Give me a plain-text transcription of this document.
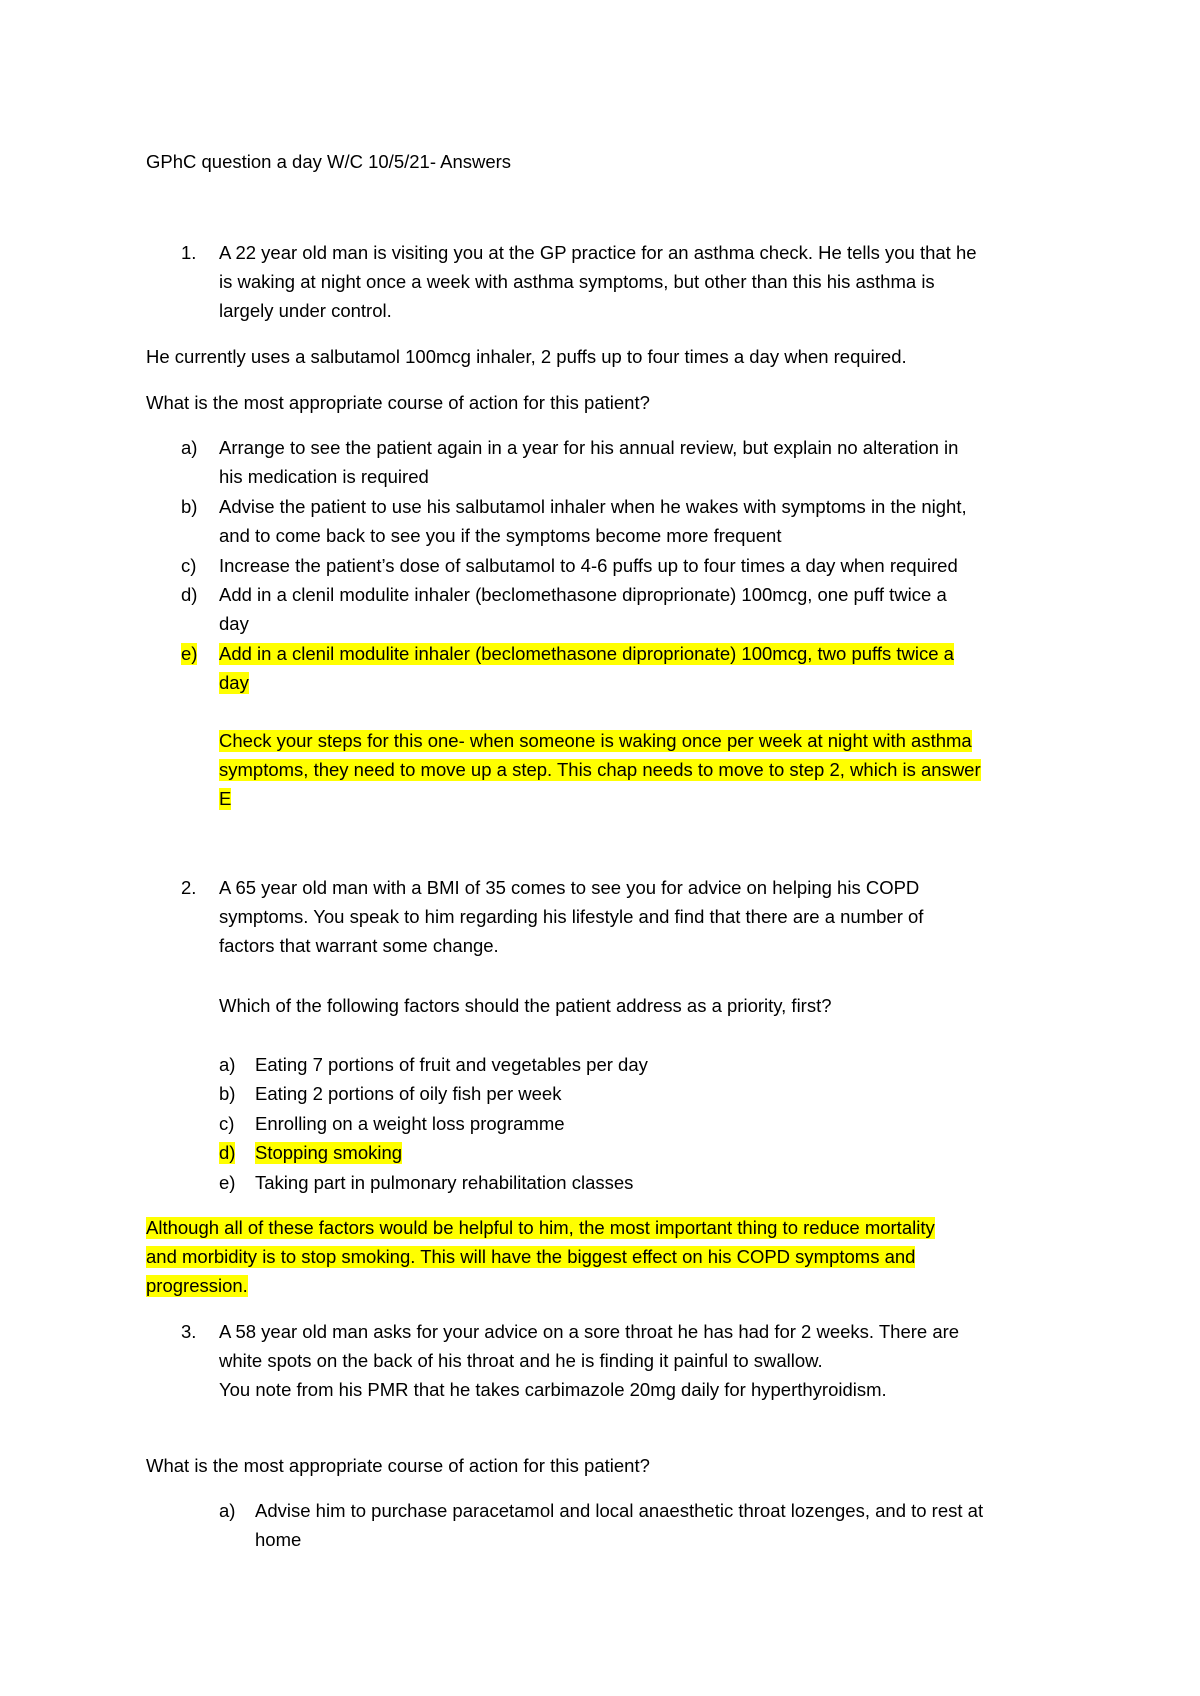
GPhC question a day W/C 10/5/21- Answers
1. A 22 year old man is visiting you at the GP practice for an asthma check. He tells you that he
is waking at night once a week with asthma symptoms, but other than this his asthma is
largely under control.
He currently uses a salbutamol 100mcg inhaler, 2 puffs up to four times a day when required.
What is the most appropriate course of action for this patient?
a) Arrange to see the patient again in a year for his annual review, but explain no alteration in
his medication is required
b) Advise the patient to use his salbutamol inhaler when he wakes with symptoms in the night,
and to come back to see you if the symptoms become more frequent
c) Increase the patient’s dose of salbutamol to 4-6 puffs up to four times a day when required
d) Add in a clenil modulite inhaler (beclomethasone diproprionate) 100mcg, one puff twice a
day
e) Add in a clenil modulite inhaler (beclomethasone diproprionate) 100mcg, two puffs twice a
day
Check your steps for this one- when someone is waking once per week at night with asthma
symptoms, they need to move up a step. This chap needs to move to step 2, which is answer
E
2. A 65 year old man with a BMI of 35 comes to see you for advice on helping his COPD
symptoms. You speak to him regarding his lifestyle and find that there are a number of
factors that warrant some change.
Which of the following factors should the patient address as a priority, first?
a) Eating 7 portions of fruit and vegetables per day
b) Eating 2 portions of oily fish per week
c) Enrolling on a weight loss programme
d) Stopping smoking
e) Taking part in pulmonary rehabilitation classes
Although all of these factors would be helpful to him, the most important thing to reduce mortality
and morbidity is to stop smoking. This will have the biggest effect on his COPD symptoms and
progression.
3. A 58 year old man asks for your advice on a sore throat he has had for 2 weeks. There are
white spots on the back of his throat and he is finding it painful to swallow.
You note from his PMR that he takes carbimazole 20mg daily for hyperthyroidism.
What is the most appropriate course of action for this patient?
a) Advise him to purchase paracetamol and local anaesthetic throat lozenges, and to rest at
home
